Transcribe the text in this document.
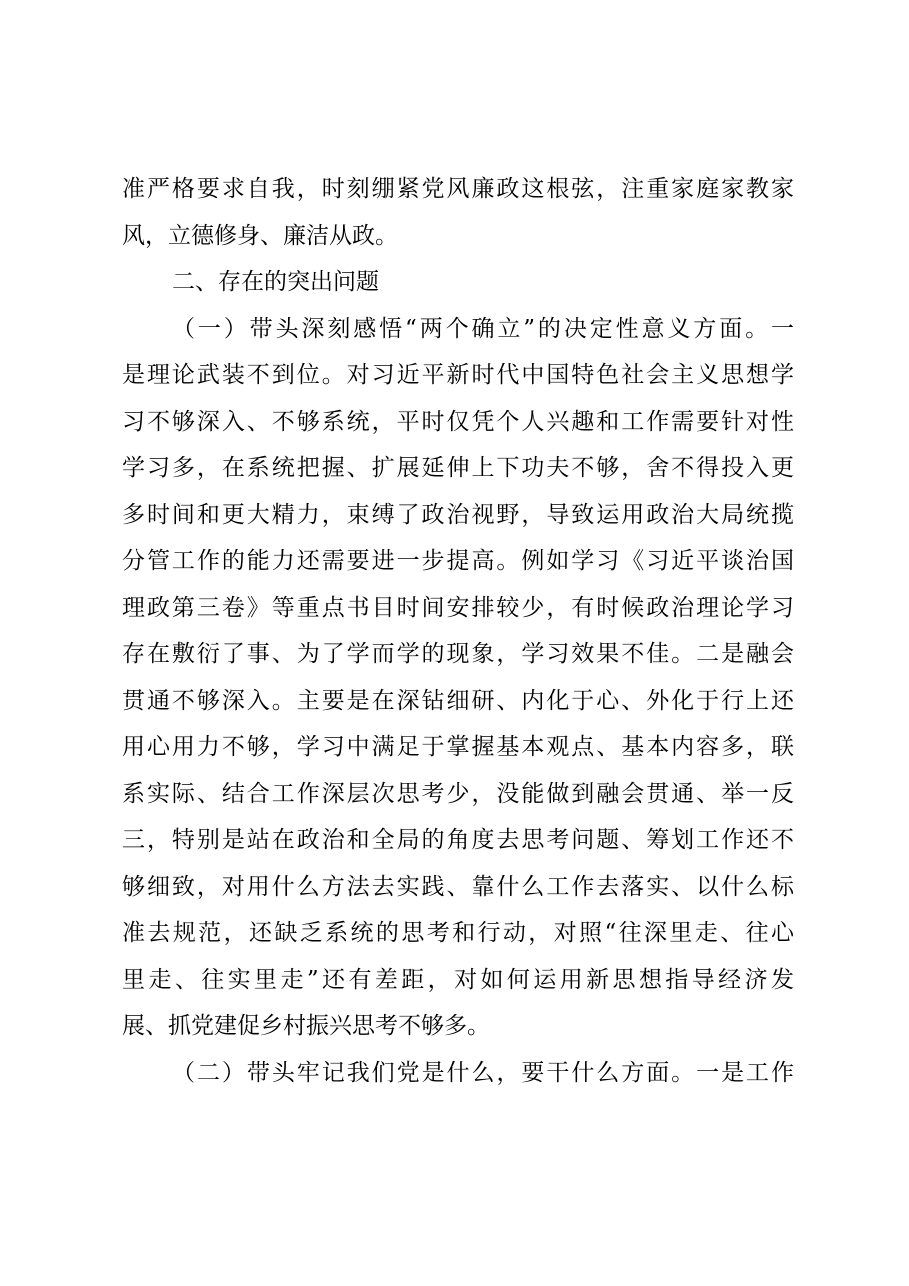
准严格要求自我，时刻绷紧党风廉政这根弦，注重家庭家教家
风，立德修身、廉洁从政。
二、存在的突出问题
（一）带头深刻感悟“两个确立”的决定性意义方面。一
是理论武装不到位。对习近平新时代中国特色社会主义思想学
习不够深入、不够系统，平时仅凭个人兴趣和工作需要针对性
学习多，在系统把握、扩展延伸上下功夫不够，舍不得投入更
多时间和更大精力，束缚了政治视野，导致运用政治大局统揽
分管工作的能力还需要进一步提高。例如学习《习近平谈治国
理政第三卷》等重点书目时间安排较少，有时候政治理论学习
存在敷衍了事、为了学而学的现象，学习效果不佳。二是融会
贯通不够深入。主要是在深钻细研、内化于心、外化于行上还
用心用力不够，学习中满足于掌握基本观点、基本内容多，联
系实际、结合工作深层次思考少，没能做到融会贯通、举一反
三，特别是站在政治和全局的角度去思考问题、筹划工作还不
够细致，对用什么方法去实践、靠什么工作去落实、以什么标
准去规范，还缺乏系统的思考和行动，对照“往深里走、往心
里走、往实里走”还有差距，对如何运用新思想指导经济发
展、抓党建促乡村振兴思考不够多。
（二）带头牢记我们党是什么，要干什么方面。一是工作
